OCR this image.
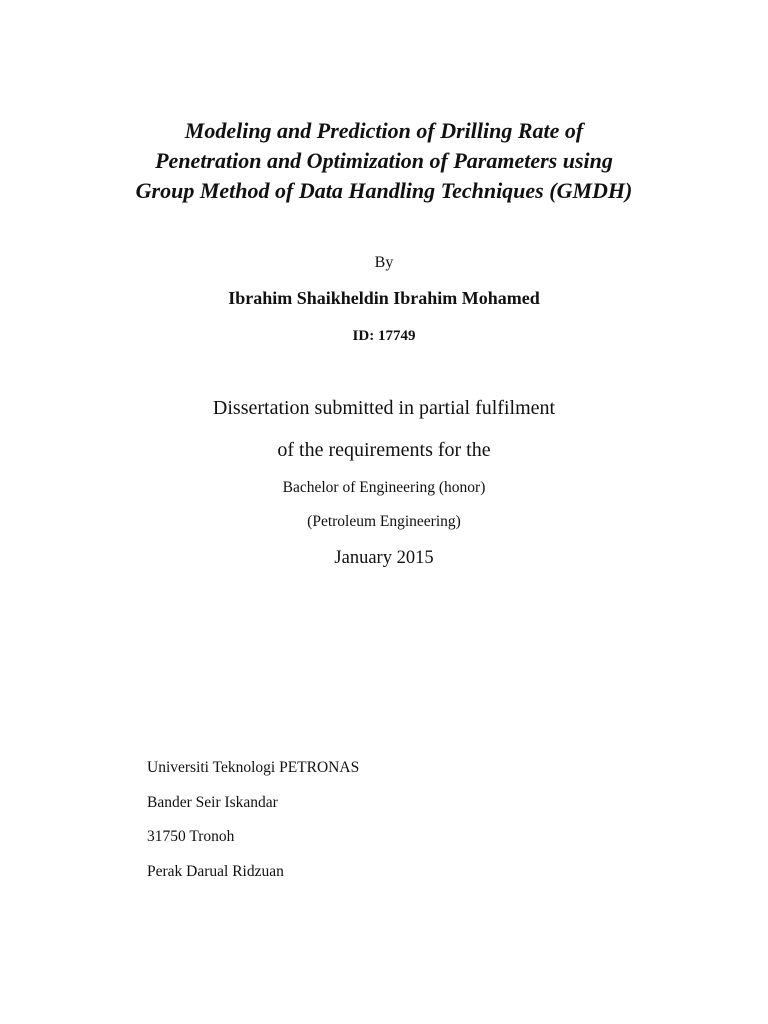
Modeling and Prediction of Drilling Rate of
Penetration and Optimization of Parameters using
Group Method of Data Handling Techniques (GMDH)
By
Ibrahim Shaikheldin Ibrahim Mohamed
ID: 17749
Dissertation submitted in partial fulfilment
of the requirements for the
Bachelor of Engineering (honor)
(Petroleum Engineering)
January 2015
Universiti Teknologi PETRONAS
Bander Seir Iskandar
31750 Tronoh
Perak Darual Ridzuan
